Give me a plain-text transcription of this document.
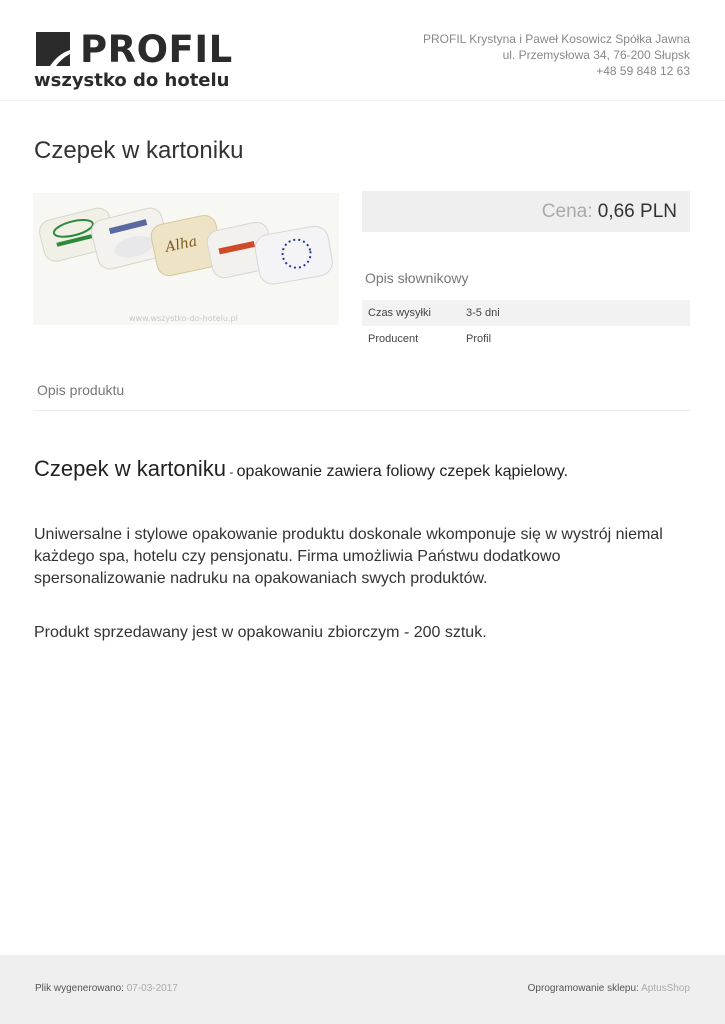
PROFIL
wszystko do hotelu
PROFIL Krystyna i Paweł Kosowicz Spółka Jawna
ul. Przemysłowa 34, 76-200 Słupsk
+48 59 848 12 63
Czepek w kartoniku
Alha
www.wszystko-do-hotelu.pl
Cena: 0,66 PLN
Opis słownikowy
Czas wysyłki	3-5 dni
Producent	Profil
Opis produktu
Czepek w kartoniku - opakowanie zawiera foliowy czepek kąpielowy.

Uniwersalne i stylowe opakowanie produktu doskonale wkomponuje się w wystrój niemal każdego spa, hotelu czy pensjonatu. Firma umożliwia Państwu dodatkowo spersonalizowanie nadruku na opakowaniach swych produktów.

Produkt sprzedawany jest w opakowaniu zbiorczym - 200 sztuk.

Plik wygenerowano: 07-03-2017	Oprogramowanie sklepu: AptusShop
